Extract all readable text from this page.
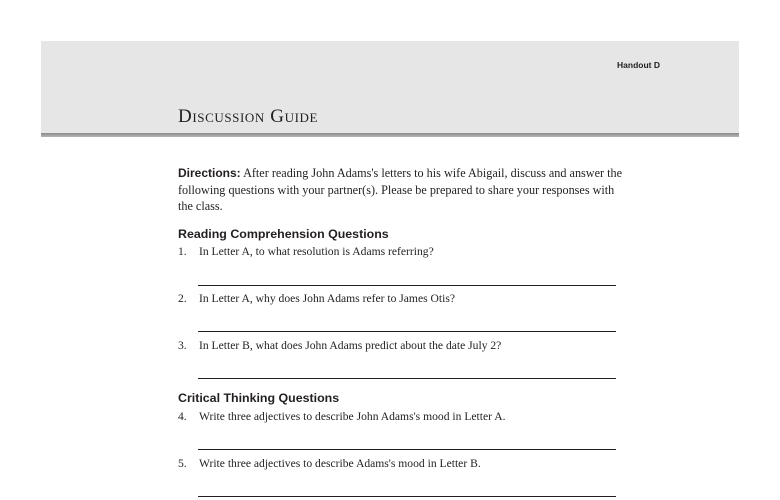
Handout D
Discussion Guide
Directions: After reading John Adams's letters to his wife Abigail, discuss and answer the following questions with your partner(s). Please be prepared to share your responses with the class.
Reading Comprehension Questions
1. In Letter A, to what resolution is Adams referring?
2. In Letter A, why does John Adams refer to James Otis?
3. In Letter B, what does John Adams predict about the date July 2?
Critical Thinking Questions
4. Write three adjectives to describe John Adams's mood in Letter A.
5. Write three adjectives to describe Adams's mood in Letter B.
